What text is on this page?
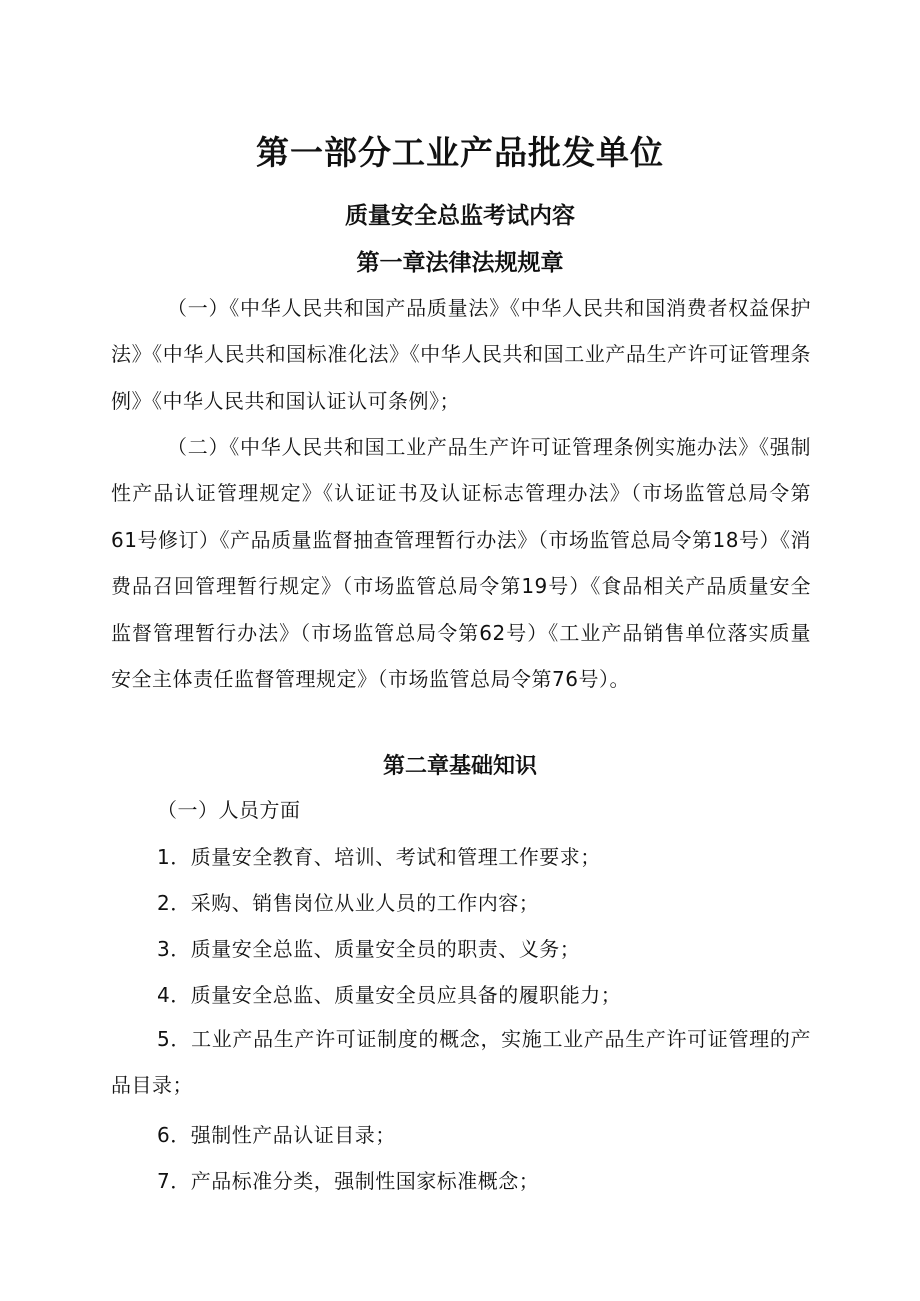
第一部分工业产品批发单位
质量安全总监考试内容
第一章法律法规规章
（一）《中华人民共和国产品质量法》《中华人民共和国消费者权益保护法》《中华人民共和国标准化法》《中华人民共和国工业产品生产许可证管理条例》《中华人民共和国认证认可条例》；
（二）《中华人民共和国工业产品生产许可证管理条例实施办法》《强制性产品认证管理规定》《认证证书及认证标志管理办法》（市场监管总局令第61号修订）《产品质量监督抽查管理暂行办法》（市场监管总局令第18号）《消费品召回管理暂行规定》（市场监管总局令第19号）《食品相关产品质量安全监督管理暂行办法》（市场监管总局令第62号）《工业产品销售单位落实质量安全主体责任监督管理规定》（市场监管总局令第76号）。
第二章基础知识
（一）人员方面
1．质量安全教育、培训、考试和管理工作要求；
2．采购、销售岗位从业人员的工作内容；
3．质量安全总监、质量安全员的职责、义务；
4．质量安全总监、质量安全员应具备的履职能力；
5．工业产品生产许可证制度的概念，实施工业产品生产许可证管理的产品目录；
6．强制性产品认证目录；
7．产品标准分类，强制性国家标准概念；
